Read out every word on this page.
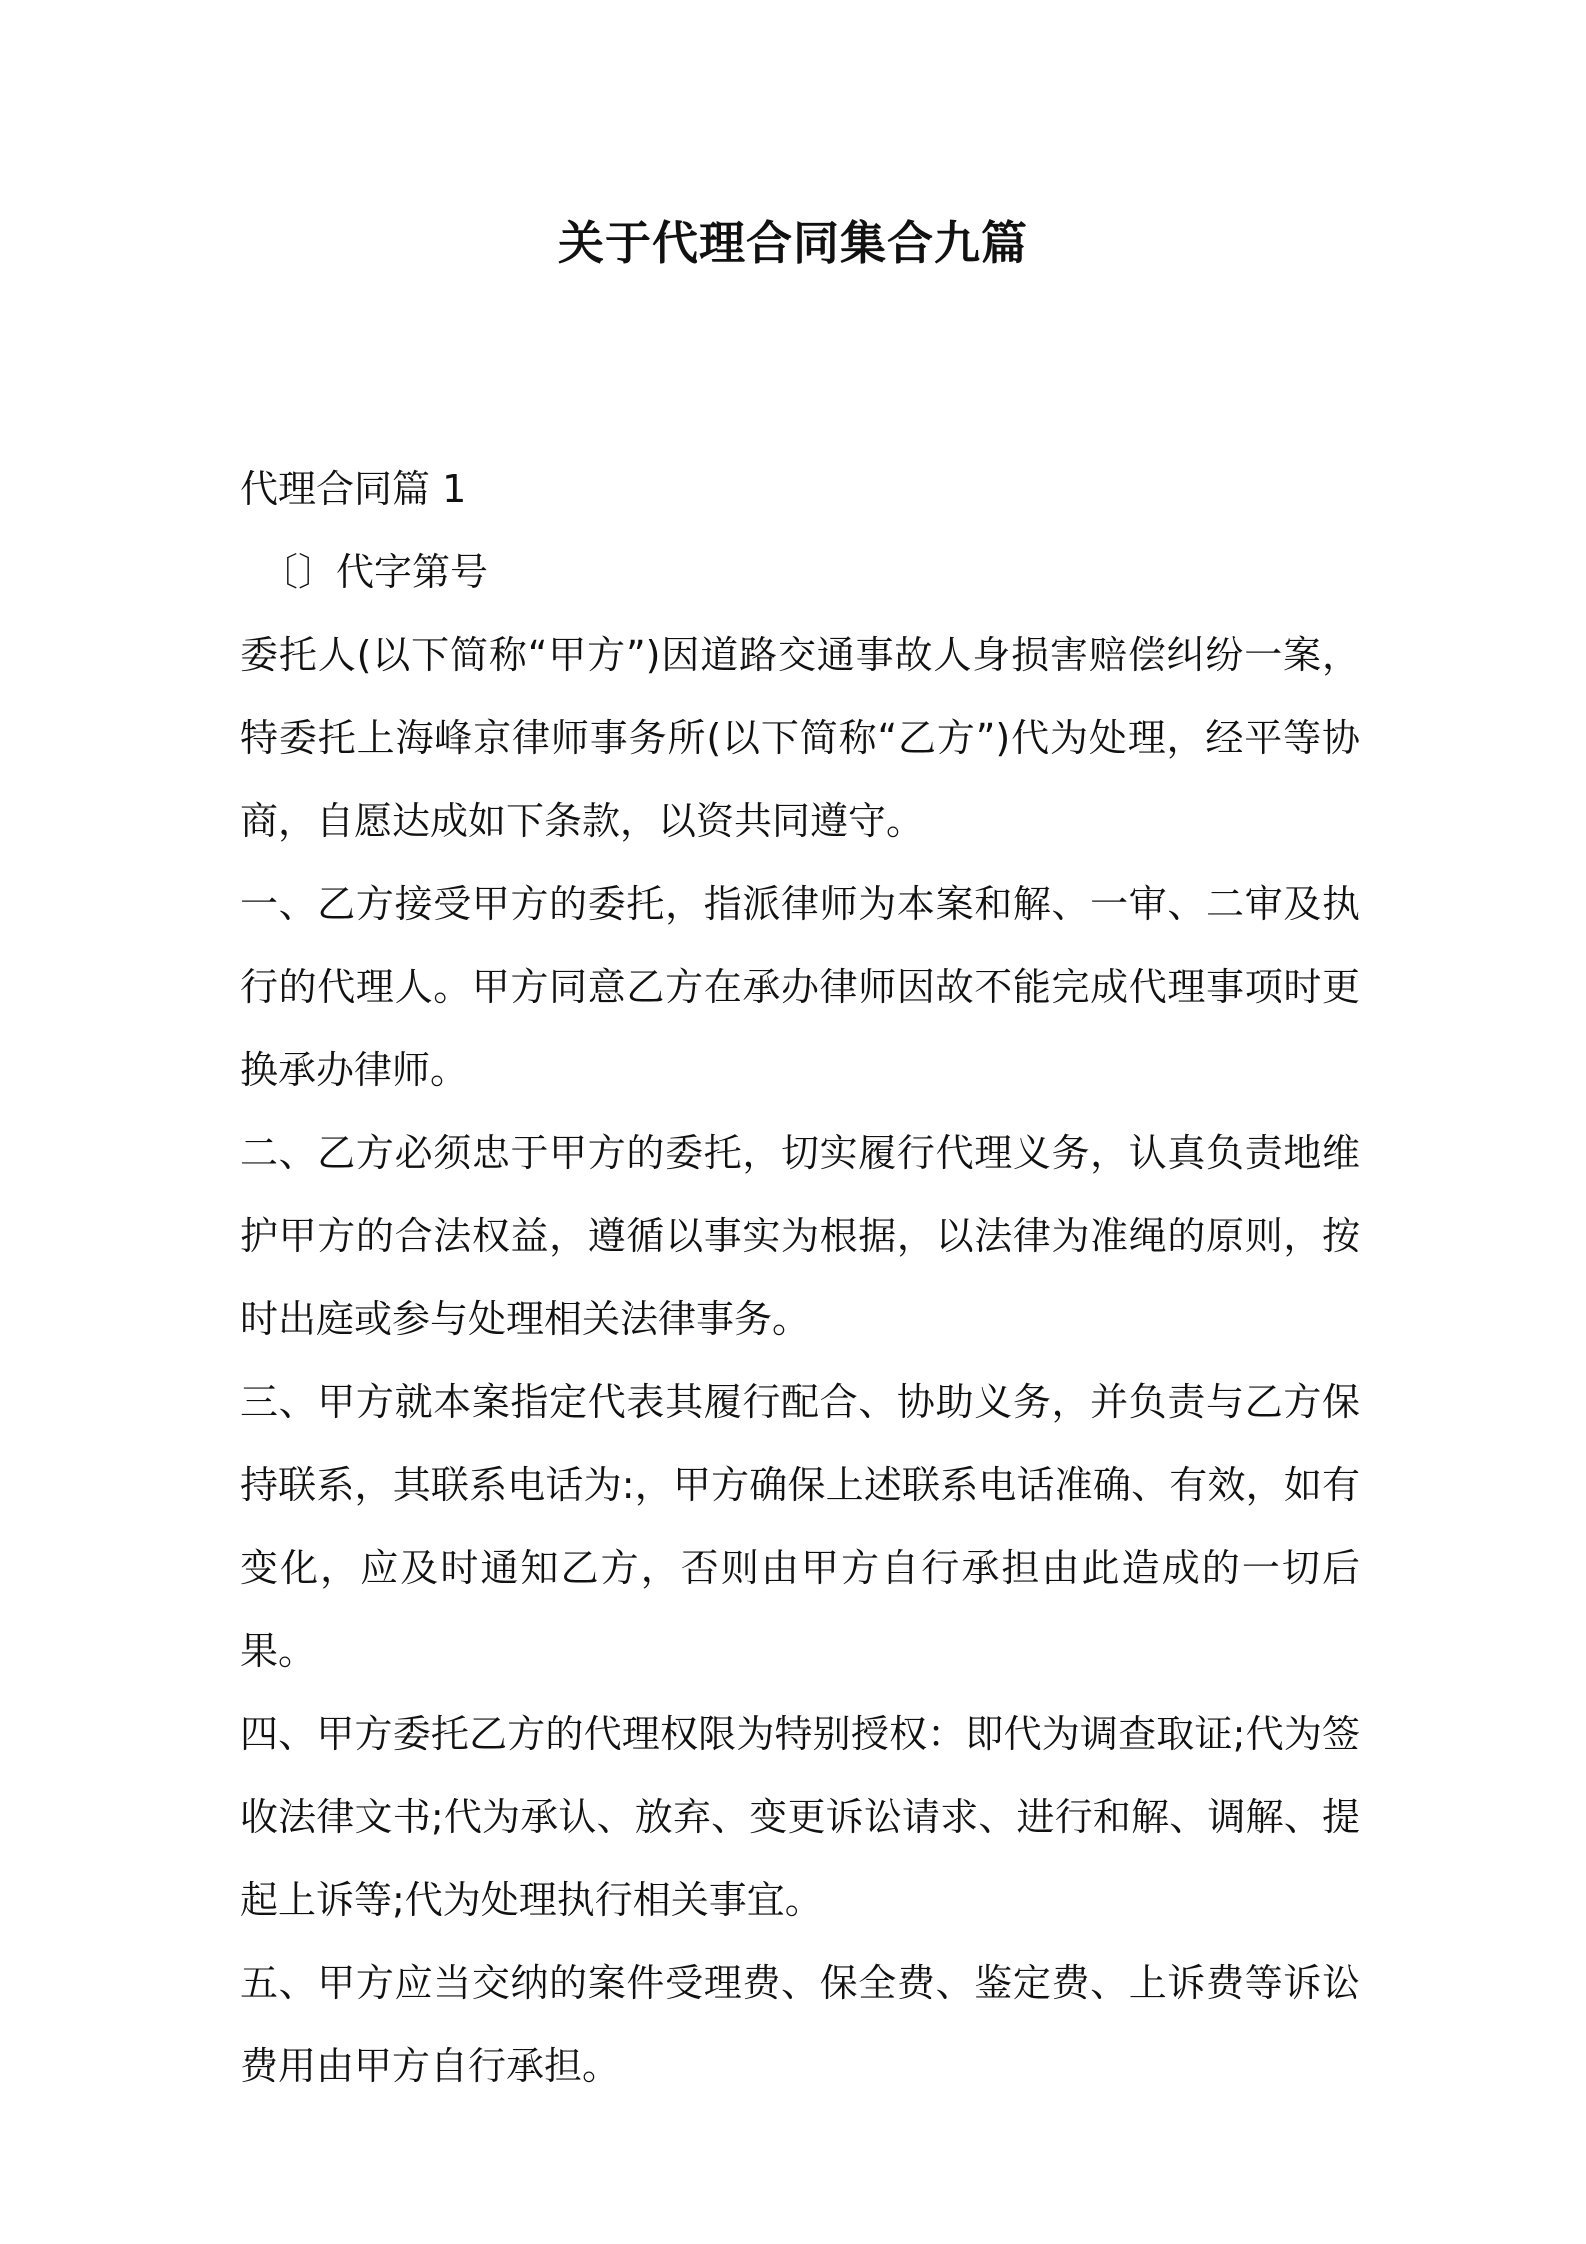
关于代理合同集合九篇
代理合同篇 1

〔〕代字第号

委托人(以下简称“甲方”)因道路交通事故人身损害赔偿纠纷一案，特委托上海峰京律师事务所(以下简称“乙方”)代为处理，经平等协商，自愿达成如下条款，以资共同遵守。

一、乙方接受甲方的委托，指派律师为本案和解、一审、二审及执行的代理人。甲方同意乙方在承办律师因故不能完成代理事项时更换承办律师。

二、乙方必须忠于甲方的委托，切实履行代理义务，认真负责地维护甲方的合法权益，遵循以事实为根据，以法律为准绳的原则，按时出庭或参与处理相关法律事务。

三、甲方就本案指定代表其履行配合、协助义务，并负责与乙方保持联系，其联系电话为:，甲方确保上述联系电话准确、有效，如有变化，应及时通知乙方，否则由甲方自行承担由此造成的一切后果。

四、甲方委托乙方的代理权限为特别授权：即代为调查取证;代为签收法律文书;代为承认、放弃、变更诉讼请求、进行和解、调解、提起上诉等;代为处理执行相关事宜。

五、甲方应当交纳的案件受理费、保全费、鉴定费、上诉费等诉讼费用由甲方自行承担。
